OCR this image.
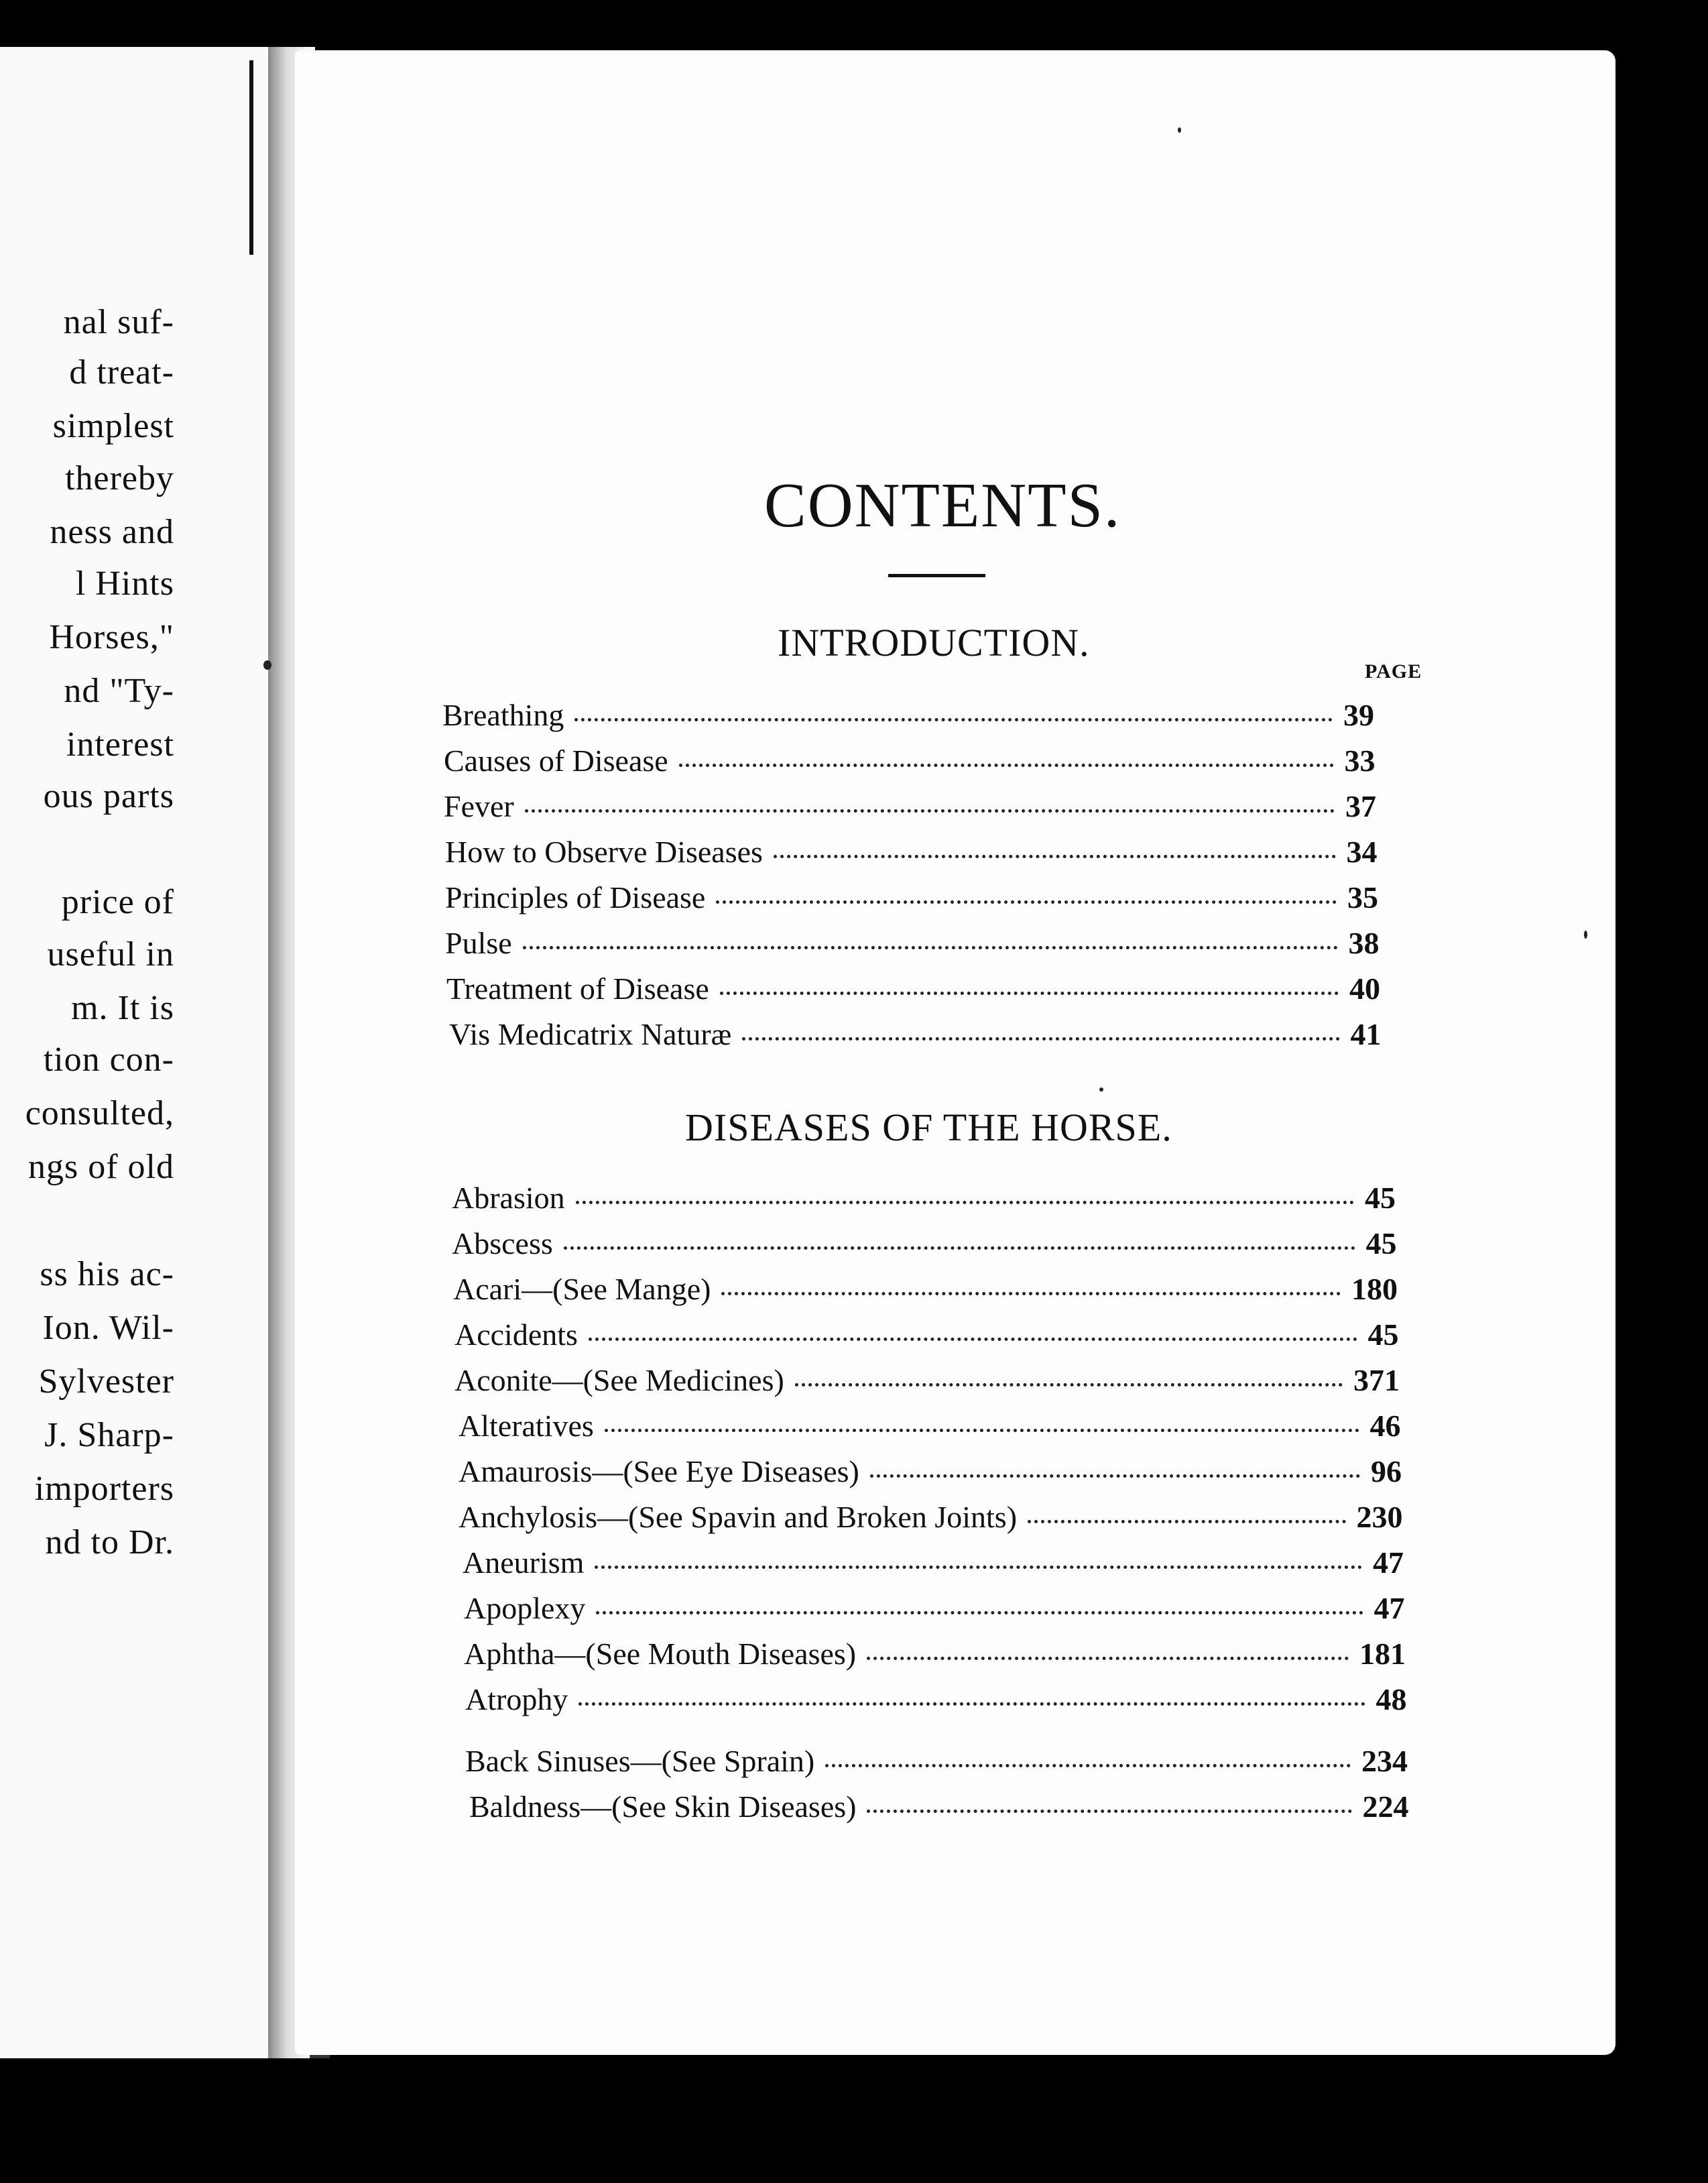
nal suf-
d treat-
simplest
thereby
ness and
l Hints
Horses,"
nd "Ty-
interest
ous parts
price of
useful in
m. It is
tion con-
consulted,
ngs of old
ss his ac-
Ion. Wil-
Sylvester
J. Sharp-
importers
nd to Dr.
CONTENTS.
INTRODUCTION.
PAGE
DISEASES OF THE HORSE.
Breathing	39
Causes of Disease	33
Fever	37
How to Observe Diseases	34
Principles of Disease	35
Pulse	38
Treatment of Disease	40
Vis Medicatrix Naturæ	41
Abrasion	45
Abscess	45
Acari—(See Mange)	180
Accidents	45
Aconite—(See Medicines)	371
Alteratives	46
Amaurosis—(See Eye Diseases)	96
Anchylosis—(See Spavin and Broken Joints)	230
Aneurism	47
Apoplexy	47
Aphtha—(See Mouth Diseases)	181
Atrophy	48
Back Sinuses—(See Sprain)	234
Baldness—(See Skin Diseases)	224
